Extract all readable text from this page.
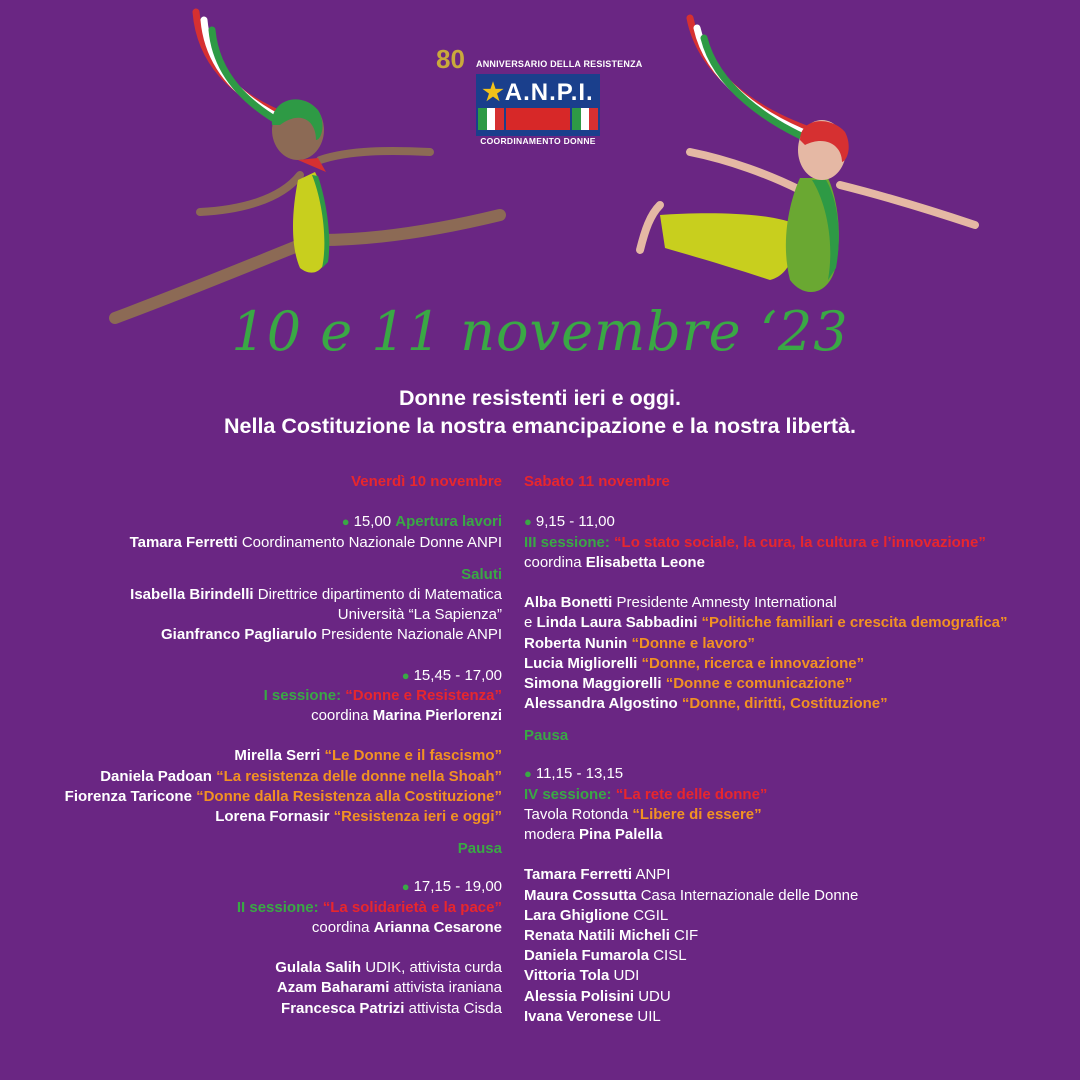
80 ANNIVERSARIO DELLA RESISTENZA
★A.N.P.I.
COORDINAMENTO DONNE
10 e 11 novembre ‘23
Donne resistenti ieri e oggi.
Nella Costituzione la nostra emancipazione e la nostra libertà.
Venerdì 10 novembre
● 15,00 Apertura lavori
Tamara Ferretti Coordinamento Nazionale Donne ANPI
Saluti
Isabella Birindelli Direttrice dipartimento di Matematica
Università “La Sapienza”
Gianfranco Pagliarulo Presidente Nazionale ANPI
● 15,45 - 17,00
I sessione: “Donne e Resistenza”
coordina Marina Pierlorenzi
Mirella Serri “Le Donne e il fascismo”
Daniela Padoan “La resistenza delle donne nella Shoah”
Fiorenza Taricone “Donne dalla Resistenza alla Costituzione”
Lorena Fornasir “Resistenza ieri e oggi”
Pausa
● 17,15 - 19,00
II sessione: “La solidarietà e la pace”
coordina Arianna Cesarone
Gulala Salih UDIK, attivista curda
Azam Baharami attivista iraniana
Francesca Patrizi attivista Cisda
Sabato 11 novembre
● 9,15 - 11,00
III sessione: “Lo stato sociale, la cura, la cultura e l’innovazione”
coordina Elisabetta Leone
Alba Bonetti Presidente Amnesty International
e Linda Laura Sabbadini “Politiche familiari e crescita demografica”
Roberta Nunin “Donne e lavoro”
Lucia Migliorelli “Donne, ricerca e innovazione”
Simona Maggiorelli “Donne e comunicazione”
Alessandra Algostino “Donne, diritti, Costituzione”
Pausa
● 11,15 - 13,15
IV sessione: “La rete delle donne”
Tavola Rotonda “Libere di essere”
modera Pina Palella
Tamara Ferretti ANPI
Maura Cossutta Casa Internazionale delle Donne
Lara Ghiglione CGIL
Renata Natili Micheli CIF
Daniela Fumarola CISL
Vittoria Tola UDI
Alessia Polisini UDU
Ivana Veronese UIL
